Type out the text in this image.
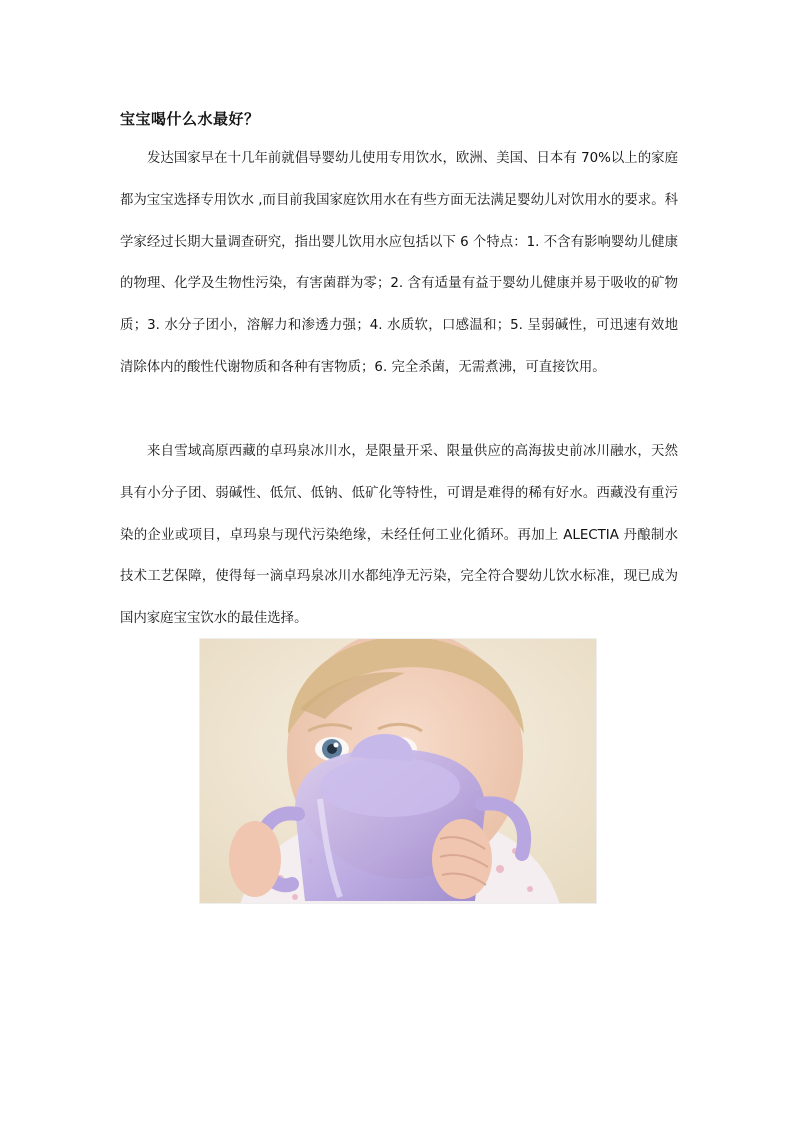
宝宝喝什么水最好？

发达国家早在十几年前就倡导婴幼儿使用专用饮水，欧洲、美国、日本有 70%以上的家庭都为宝宝选择专用饮水 ,而目前我国家庭饮用水在有些方面无法满足婴幼儿对饮用水的要求。科学家经过长期大量调查研究，指出婴儿饮用水应包括以下 6 个特点：1. 不含有影响婴幼儿健康的物理、化学及生物性污染，有害菌群为零；2. 含有适量有益于婴幼儿健康并易于吸收的矿物质；3. 水分子团小，溶解力和渗透力强；4. 水质软，口感温和；5. 呈弱碱性，可迅速有效地清除体内的酸性代谢物质和各种有害物质；6. 完全杀菌，无需煮沸，可直接饮用。

来自雪域高原西藏的卓玛泉冰川水，是限量开采、限量供应的高海拔史前冰川融水，天然具有小分子团、弱碱性、低氘、低钠、低矿化等特性，可谓是难得的稀有好水。西藏没有重污染的企业或项目，卓玛泉与现代污染绝缘，未经任何工业化循环。再加上 ALECTIA 丹酿制水技术工艺保障，使得每一滴卓玛泉冰川水都纯净无污染，完全符合婴幼儿饮水标准，现已成为国内家庭宝宝饮水的最佳选择。
